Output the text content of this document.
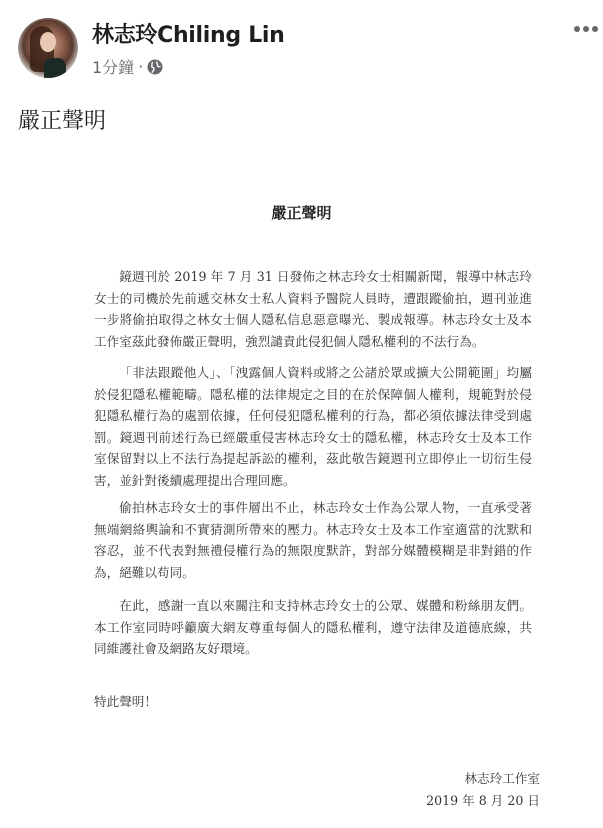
林志玲Chiling Lin
1分鐘 ·
嚴正聲明
嚴正聲明

鏡週刊於 2019 年 7 月 31 日發佈之林志玲女士相關新聞，報導中林志玲女士的司機於先前遞交林女士私人資料予醫院人員時，遭跟蹤偷拍，週刊並進一步將偷拍取得之林女士個人隱私信息惡意曝光、製成報導。林志玲女士及本工作室茲此發佈嚴正聲明，強烈譴責此侵犯個人隱私權利的不法行為。

「非法跟蹤他人」、「洩露個人資料或將之公諸於眾或擴大公開範圍」均屬於侵犯隱私權範疇。隱私權的法律規定之目的在於保障個人權利，規範對於侵犯隱私權行為的處罰依據，任何侵犯隱私權利的行為，都必須依據法律受到處罰。鏡週刊前述行為已經嚴重侵害林志玲女士的隱私權，林志玲女士及本工作室保留對以上不法行為提起訴訟的權利，茲此敬告鏡週刊立即停止一切衍生侵害，並針對後續處理提出合理回應。

偷拍林志玲女士的事件層出不止，林志玲女士作為公眾人物，一直承受著無端網絡輿論和不實猜測所帶來的壓力。林志玲女士及本工作室適當的沈默和容忍，並不代表對無禮侵權行為的無限度默許，對部分媒體模糊是非對錯的作為，絕難以苟同。

在此，感謝一直以來關注和支持林志玲女士的公眾、媒體和粉絲朋友們。本工作室同時呼籲廣大網友尊重每個人的隱私權利，遵守法律及道德底線，共同維護社會及網路友好環境。

特此聲明！
林志玲工作室
2019 年 8 月 20 日
